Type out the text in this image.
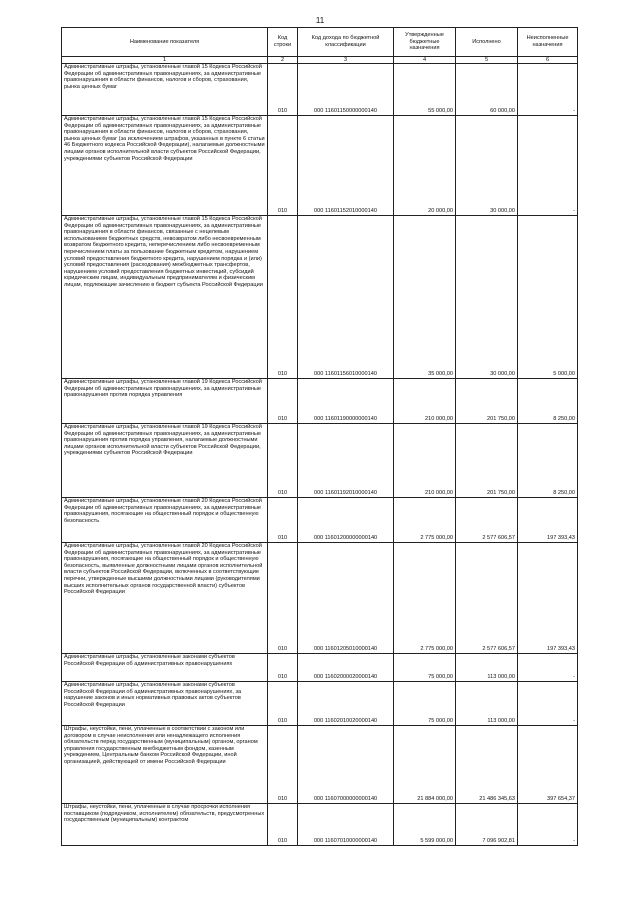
11
Наименование показателя	Код строки	Код дохода по бюджетной классификации	Утвержденные бюджетные назначения	Исполнено	Неисполненные назначения
1	2	3	4	5	6
Административные штрафы, установленные главой 15 Кодекса Российской Федерации об административных правонарушениях, за административные правонарушения в области финансов, налогов и сборов, страхования, рынка ценных бумаг	010	000 11601150000000140	55 000,00	60 000,00	-
Административные штрафы, установленные главой 15 Кодекса Российской Федерации об административных правонарушениях, за административные правонарушения в области финансов, налогов и сборов, страхования, рынка ценных бумаг (за исключением штрафов, указанных в пункте 6 статьи 46 Бюджетного кодекса Российской Федерации), налагаемые должностными лицами органов исполнительной власти субъектов Российской Федерации, учреждениями субъектов Российской Федерации	010	000 11601152010000140	20 000,00	30 000,00	-
Административные штрафы, установленные главой 15 Кодекса Российской Федерации об административных правонарушениях, за административные правонарушения в области финансов, связанные с нецелевым использованием бюджетных средств, невозвратом либо несвоевременным возвратом бюджетного кредита, неперечислением либо несвоевременным перечислением платы за пользование бюджетным кредитом, нарушением условий предоставления бюджетного кредита, нарушением порядка и (или) условий предоставления (расходования) межбюджетных трансфертов, нарушением условий предоставления бюджетных инвестиций, субсидий юридическим лицам, индивидуальным предпринимателям и физическим лицам, подлежащие зачислению в бюджет субъекта Российской Федерации	010	000 11601156010000140	35 000,00	30 000,00	5 000,00
Административные штрафы, установленные главой 19 Кодекса Российской Федерации об административных правонарушениях, за административные правонарушения против порядка управления	010	000 11601190000000140	210 000,00	201 750,00	8 250,00
Административные штрафы, установленные главой 19 Кодекса Российской Федерации об административных правонарушениях, за административные правонарушения против порядка управления, налагаемые должностными лицами органов исполнительной власти субъектов Российской Федерации, учреждениями субъектов Российской Федерации	010	000 11601192010000140	210 000,00	201 750,00	8 250,00
Административные штрафы, установленные главой 20 Кодекса Российской Федерации об административных правонарушениях, за административные правонарушения, посягающие на общественный порядок и общественную безопасность	010	000 11601200000000140	2 775 000,00	2 577 606,57	197 393,43
Административные штрафы, установленные главой 20 Кодекса Российской Федерации об административных правонарушениях, за административные правонарушения, посягающие на общественный порядок и общественную безопасность, выявленные должностными лицами органов исполнительной власти субъектов Российской Федерации, включенных в соответствующие перечни, утвержденные высшими должностными лицами (руководителями высших исполнительных органов государственной власти) субъектов Российской Федерации	010	000 11601205010000140	2 775 000,00	2 577 606,57	197 393,43
Административные штрафы, установленные законами субъектов Российской Федерации об административных правонарушениях	010	000 11602000020000140	75 000,00	113 000,00	-
Административные штрафы, установленные законами субъектов Российской Федерации об административных правонарушениях, за нарушение законов и иных нормативных правовых актов субъектов Российской Федерации	010	000 11602010020000140	75 000,00	113 000,00	-
Штрафы, неустойки, пени, уплаченные в соответствии с законом или договором в случае неисполнения или ненадлежащего исполнения обязательств перед государственным (муниципальным) органом, органом управления государственным внебюджетным фондом, казенным учреждением, Центральным банком Российской Федерации, иной организацией, действующей от имени Российской Федерации	010	000 11607000000000140	21 884 000,00	21 486 345,63	397 654,37
Штрафы, неустойки, пени, уплаченные в случае просрочки исполнения поставщиком (подрядчиком, исполнителем) обязательств, предусмотренных государственным (муниципальным) контрактом	010	000 11607010000000140	5 599 000,00	7 096 902,81	-
